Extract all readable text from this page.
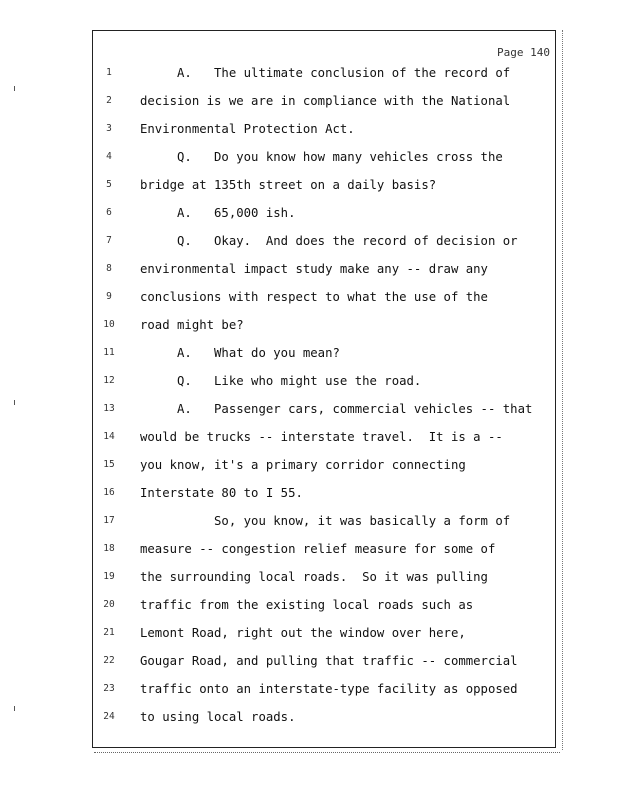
Page 140
1	A.   The ultimate conclusion of the record of
2	decision is we are in compliance with the National
3	Environmental Protection Act.
4	Q.   Do you know how many vehicles cross the
5	bridge at 135th street on a daily basis?
6	A.   65,000 ish.
7	Q.   Okay.  And does the record of decision or
8	environmental impact study make any -- draw any
9	conclusions with respect to what the use of the
10	road might be?
11	A.   What do you mean?
12	Q.   Like who might use the road.
13	A.   Passenger cars, commercial vehicles -- that
14	would be trucks -- interstate travel.  It is a --
15	you know, it's a primary corridor connecting
16	Interstate 80 to I 55.
17	So, you know, it was basically a form of
18	measure -- congestion relief measure for some of
19	the surrounding local roads.  So it was pulling
20	traffic from the existing local roads such as
21	Lemont Road, right out the window over here,
22	Gougar Road, and pulling that traffic -- commercial
23	traffic onto an interstate-type facility as opposed
24	to using local roads.
